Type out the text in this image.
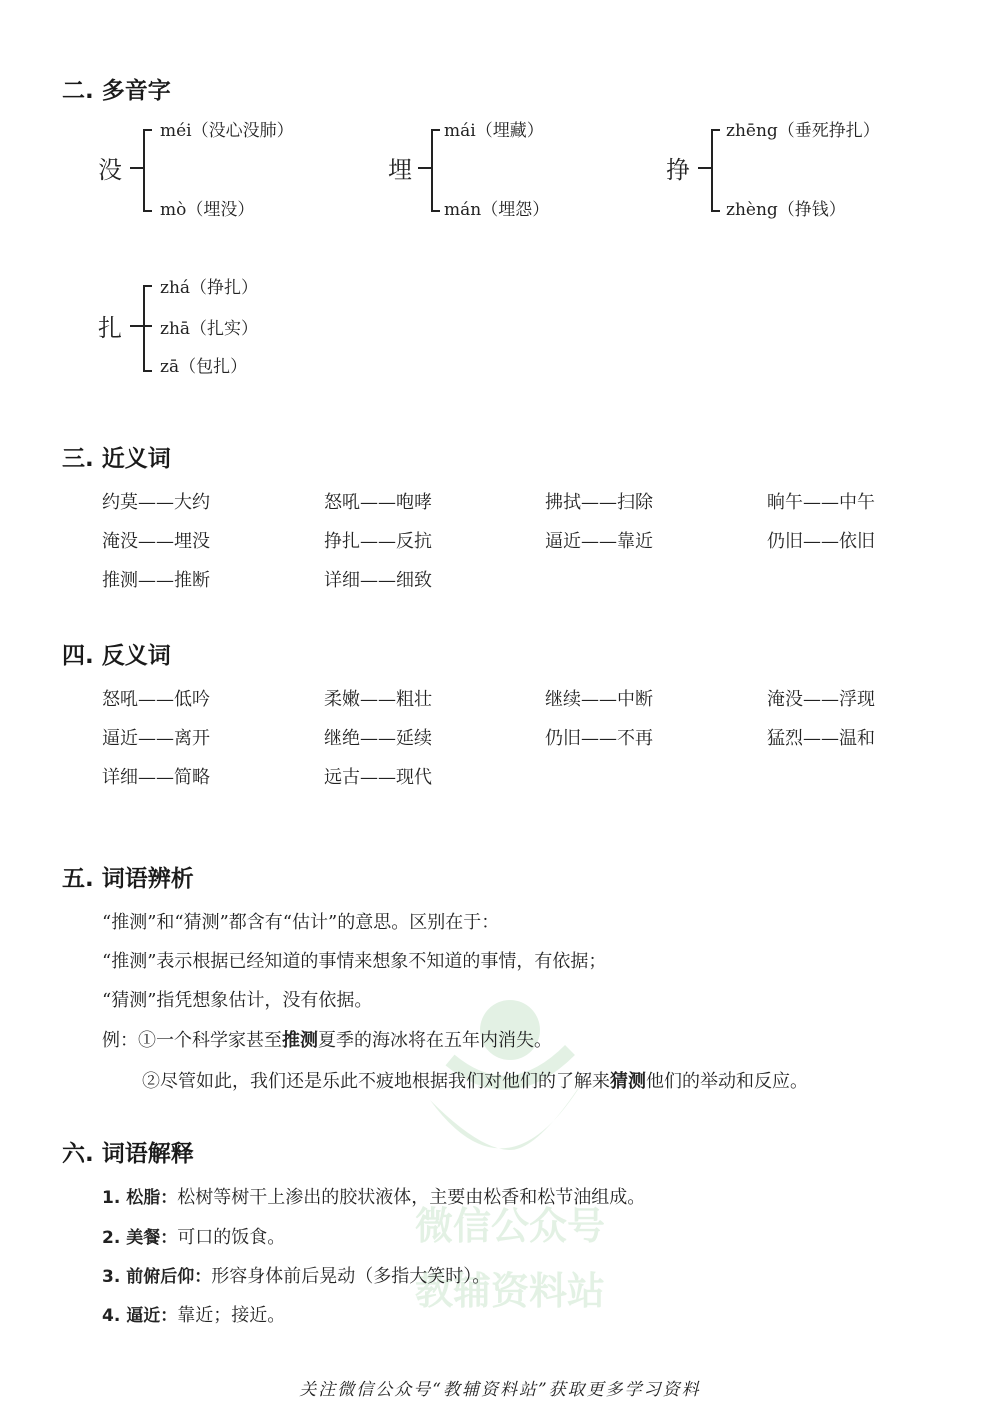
二. 多音字
没
méi（没心没肺）
mò（埋没）
埋
mái（埋藏）
mán（埋怨）
挣
zhēng（垂死挣扎）
zhèng（挣钱）
扎
zhá（挣扎）
zhā（扎实）
zā（包扎）
三. 近义词
约莫——大约	怒吼——咆哮	拂拭——扫除	晌午——中午
淹没——埋没	挣扎——反抗	逼近——靠近	仍旧——依旧
推测——推断	详细——细致
四. 反义词
怒吼——低吟	柔嫩——粗壮	继续——中断	淹没——浮现
逼近——离开	继绝——延续	仍旧——不再	猛烈——温和
详细——简略	远古——现代
微信公众号
教辅资料站
五. 词语辨析
“推测”和“猜测”都含有“估计”的意思。区别在于：
“推测”表示根据已经知道的事情来想象不知道的事情，有依据；
“猜测”指凭想象估计，没有依据。
例：①一个科学家甚至推测夏季的海冰将在五年内消失。
②尽管如此，我们还是乐此不疲地根据我们对他们的了解来猜测他们的举动和反应。
六. 词语解释
1. 松脂：松树等树干上渗出的胶状液体，主要由松香和松节油组成。
2. 美餐：可口的饭食。
3. 前俯后仰：形容身体前后晃动（多指大笑时）。
4. 逼近：靠近；接近。
关注微信公众号“教辅资料站”获取更多学习资料
